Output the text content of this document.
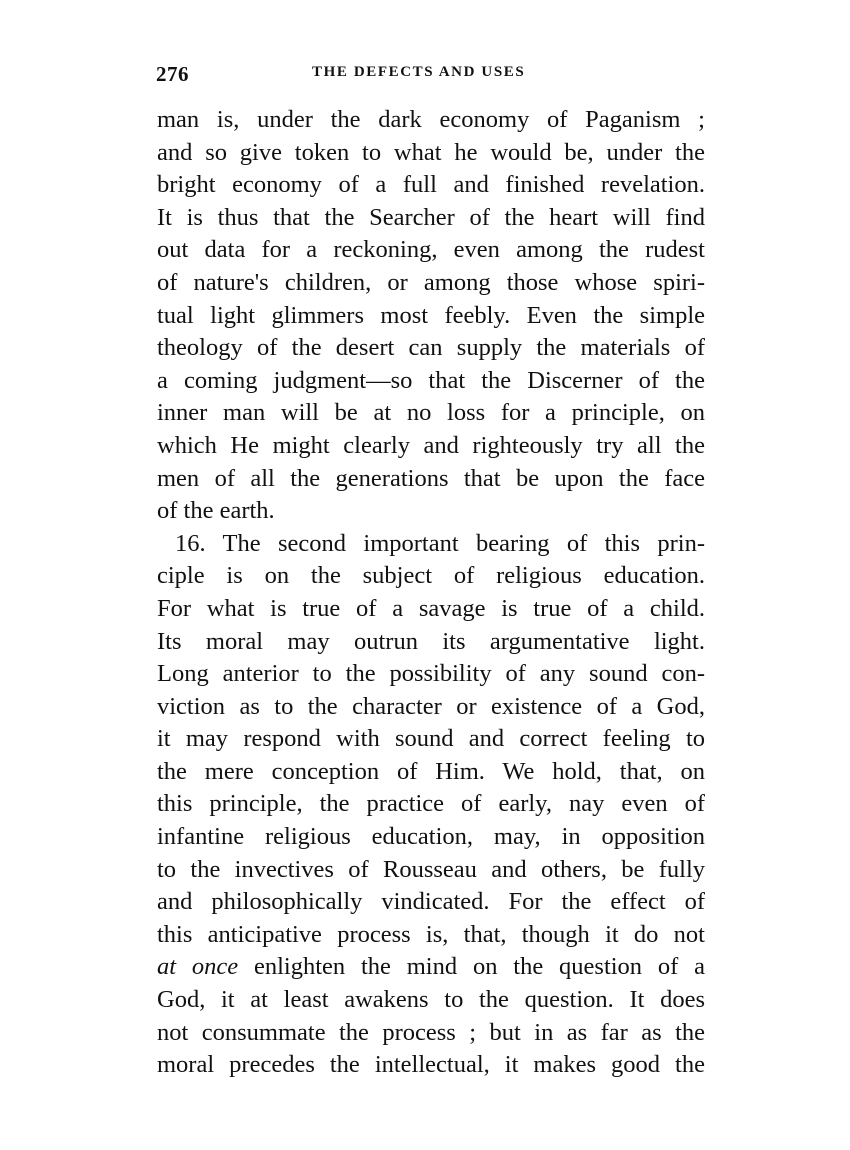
276	THE DEFECTS AND USES
man is, under the dark economy of Paganism ;
and so give token to what he would be, under the
bright economy of a full and finished revelation.
It is thus that the Searcher of the heart will find
out data for a reckoning, even among the rudest
of nature's children, or among those whose spiri-
tual light glimmers most feebly. Even the simple
theology of the desert can supply the materials of
a coming judgment—so that the Discerner of the
inner man will be at no loss for a principle, on
which He might clearly and righteously try all the
men of all the generations that be upon the face
of the earth.
16. The second important bearing of this prin-
ciple is on the subject of religious education.
For what is true of a savage is true of a child.
Its moral may outrun its argumentative light.
Long anterior to the possibility of any sound con-
viction as to the character or existence of a God,
it may respond with sound and correct feeling to
the mere conception of Him. We hold, that, on
this principle, the practice of early, nay even of
infantine religious education, may, in opposition
to the invectives of Rousseau and others, be fully
and philosophically vindicated. For the effect of
this anticipative process is, that, though it do not
at once enlighten the mind on the question of a
God, it at least awakens to the question. It does
not consummate the process ; but in as far as the
moral precedes the intellectual, it makes good the
